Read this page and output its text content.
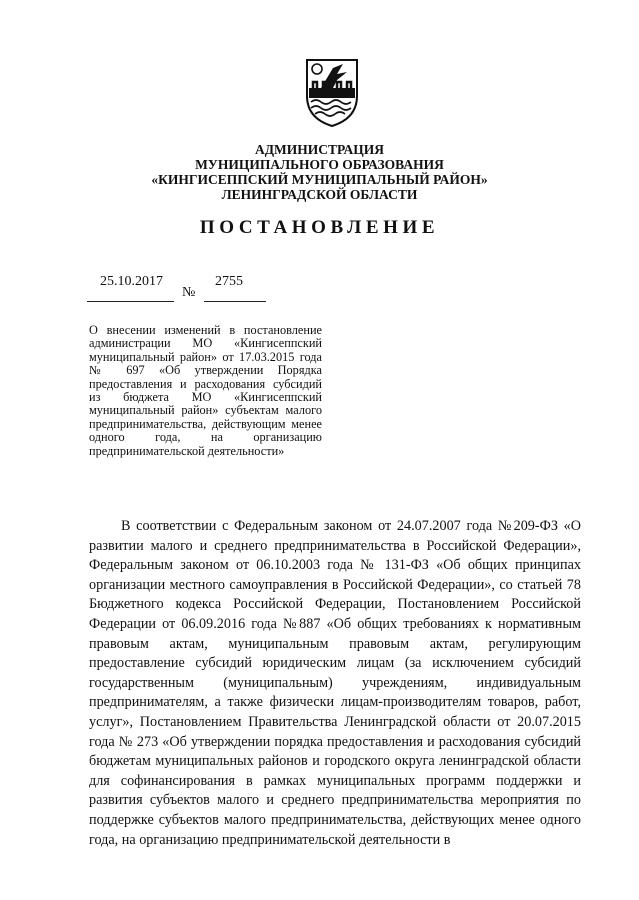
АДМИНИСТРАЦИЯ
МУНИЦИПАЛЬНОГО ОБРАЗОВАНИЯ
«КИНГИСЕППСКИЙ МУНИЦИПАЛЬНЫЙ РАЙОН»
ЛЕНИНГРАДСКОЙ ОБЛАСТИ
ПОСТАНОВЛЕНИЕ
25.10.2017
№
2755
О внесении изменений в постановление администрации МО «Кингисеппский муниципальный район» от 17.03.2015 года № 697 «Об утверждении Порядка предоставления и расходования субсидий из бюджета МО «Кингисеппский муниципальный район» субъектам малого предпринимательства, действующим менее одного года, на организацию предпринимательской деятельности»
В соответствии с Федеральным законом от 24.07.2007 года №209-ФЗ «О развитии малого и среднего предпринимательства в Российской Федерации», Федеральным законом от 06.10.2003 года № 131-ФЗ «Об общих принципах организации местного самоуправления в Российской Федерации», со статьей 78 Бюджетного кодекса Российской Федерации, Постановлением Российской Федерации от 06.09.2016 года №887 «Об общих требованиях к нормативным правовым актам, муниципальным правовым актам, регулирующим предоставление субсидий юридическим лицам (за исключением субсидий государственным (муниципальным) учреждениям, индивидуальным предпринимателям, а также физически лицам-производителям товаров, работ, услуг», Постановлением Правительства Ленинградской области от 20.07.2015 года № 273 «Об утверждении порядка предоставления и расходования субсидий бюджетам муниципальных районов и городского округа ленинградской области для софинансирования в рамках муниципальных программ поддержки и развития субъектов малого и среднего предпринимательства мероприятия по поддержке субъектов малого предпринимательства, действующих менее одного года, на организацию предпринимательской деятельности в
